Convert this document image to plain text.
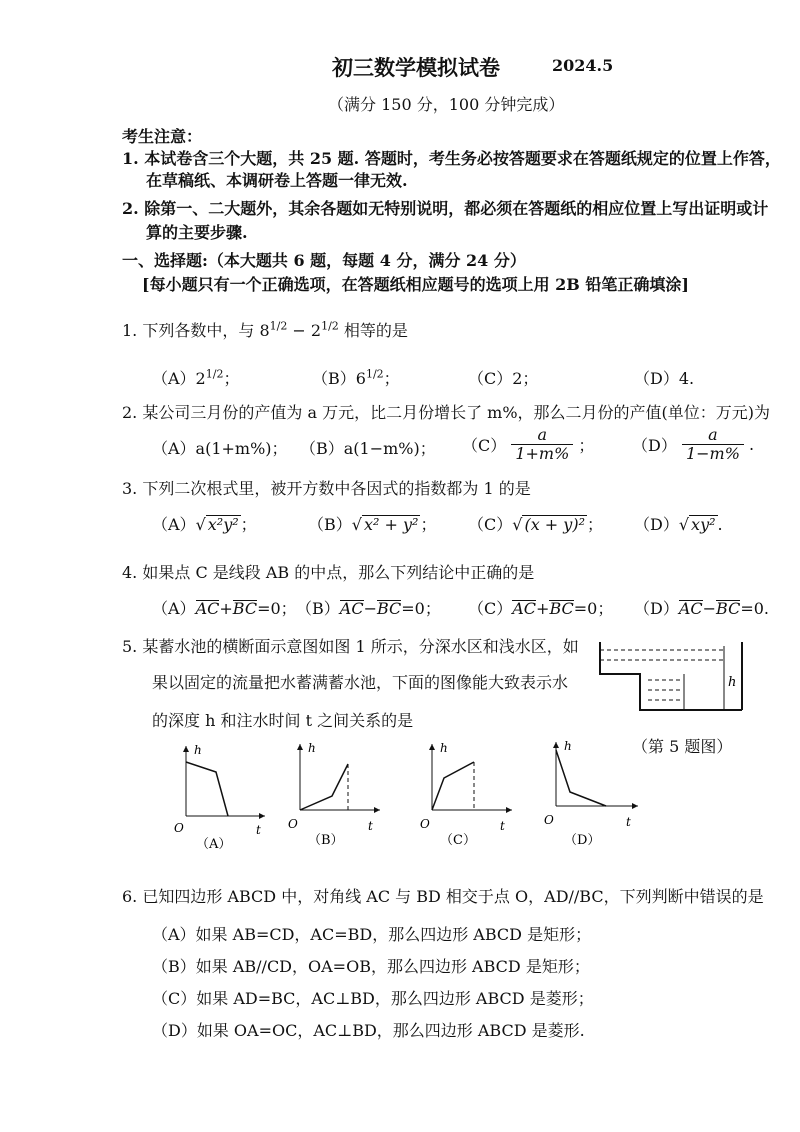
初三数学模拟试卷	2024.5
（满分 150 分，100 分钟完成）
考生注意：
1. 本试卷含三个大题，共 25 题. 答题时，考生务必按答题要求在答题纸规定的位置上作答，
在草稿纸、本调研卷上答题一律无效.
2. 除第一、二大题外，其余各题如无特别说明，都必须在答题纸的相应位置上写出证明或计
算的主要步骤.
一、选择题:（本大题共 6 题，每题 4 分，满分 24 分）
[每小题只有一个正确选项，在答题纸相应题号的选项上用 2B 铅笔正确填涂]
1. 下列各数中，与 $8^{1/2} - 2^{1/2}$ 相等的是
$(A)2^{1/2}$；	$(B)6^{1/2}$；	（C）2；	（D）4.
2. 某公司三月份的产值为 a 万元，比二月份增长了 m%，那么二月份的产值(单位：万元)为
（A）a(1+m%)； （B）a(1−m%)； $(C) \frac{a}{1+m\%}$ ； $(D) \frac{a}{1-m\%}$ .
3. 下列二次根式里，被开方数中各因式的指数都为 1 的是
（A）√ x²y² ；	（B）√ x² + y² ； （C）√ (x + y)² ； （D）√ xy² .
4. 如果点 C 是线段 AB 的中点，那么下列结论中正确的是
（A）AC+BC=0； （B）AC−BC=0； （C）AC+BC=0； （D）AC−BC=0.
5. 某蓄水池的横断面示意图如图 1 所示，分深水区和浅水区，如
果以固定的流量把水蓄满蓄水池，下面的图像能大致表示水
的深度 h 和注水时间 t 之间关系的是
h
（第 5 题图）
h
O	t
（A）
h
O	t
（B）
h
O	t
（C）
h
O	t
（D）
6. 已知四边形 ABCD 中，对角线 AC 与 BD 相交于点 O，AD//BC，下列判断中错误的是
（A）如果 AB=CD，AC=BD，那么四边形 ABCD 是矩形；
（B）如果 AB//CD，OA=OB，那么四边形 ABCD 是矩形；
（C）如果 AD=BC，AC⊥BD，那么四边形 ABCD 是菱形；
（D）如果 OA=OC，AC⊥BD，那么四边形 ABCD 是菱形.
